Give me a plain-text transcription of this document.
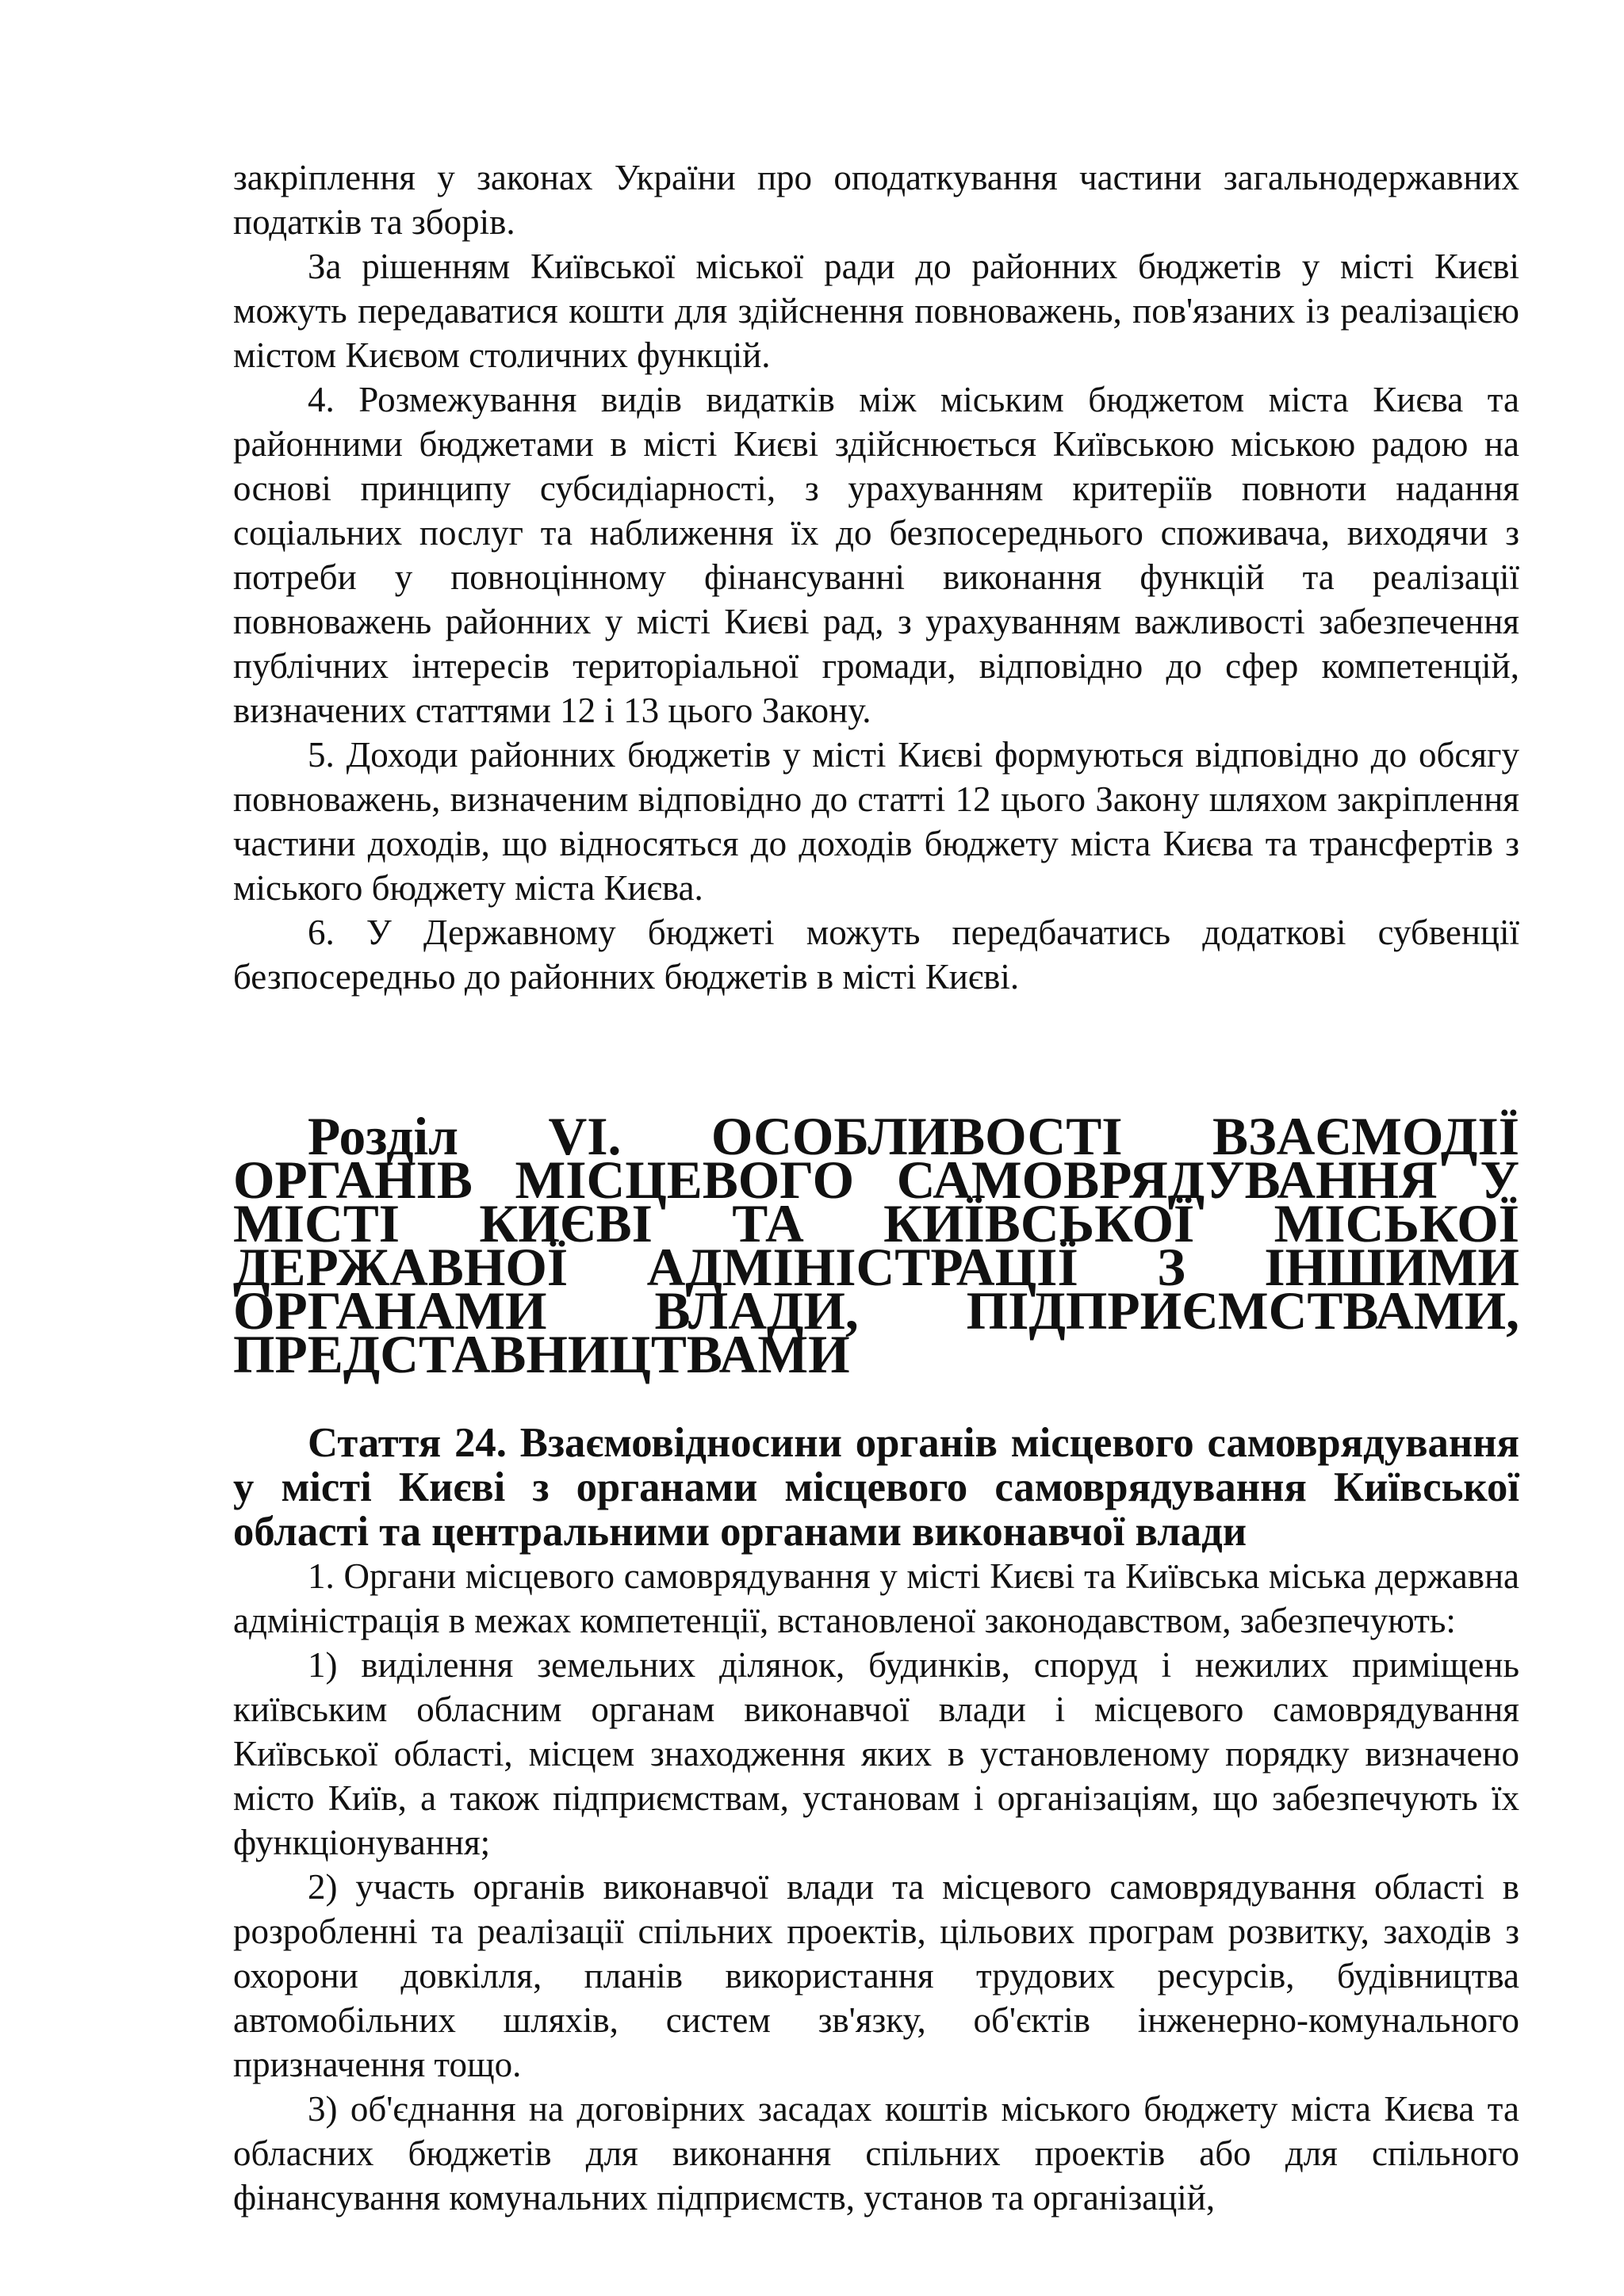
закріплення у законах України про оподаткування частини загальнодержавних податків та зборів.

За рішенням Київської міської ради до районних бюджетів у місті Києві можуть передаватися кошти для здійснення повноважень, пов'язаних із реалізацією містом Києвом столичних функцій.

4. Розмежування видів видатків між міським бюджетом міста Києва та районними бюджетами в місті Києві здійснюється Київською міською радою на основі принципу субсидіарності, з урахуванням критеріїв повноти надання соціальних послуг та наближення їх до безпосереднього споживача, виходячи з потреби у повноцінному фінансуванні виконання функцій та реалізації повноважень районних у місті Києві рад, з урахуванням важливості забезпечення публічних інтересів територіальної громади, відповідно до сфер компетенцій, визначених статтями 12 і 13 цього Закону.

5. Доходи районних бюджетів у місті Києві формуються відповідно до обсягу повноважень, визначеним відповідно до статті 12 цього Закону шляхом закріплення частини доходів, що відносяться до доходів бюджету міста Києва та трансфертів з міського бюджету міста Києва.

6. У Державному бюджеті можуть передбачатись додаткові субвенції безпосередньо до районних бюджетів в місті Києві.

Розділ VI. ОСОБЛИВОСТІ ВЗАЄМОДІЇ ОРГАНІВ МІСЦЕВОГО САМОВРЯДУВАННЯ У МІСТІ КИЄВІ ТА КИЇВСЬКОЇ МІСЬКОЇ ДЕРЖАВНОЇ АДМІНІСТРАЦІЇ З ІНШИМИ ОРГАНАМИ ВЛАДИ, ПІДПРИЄМСТВАМИ, ПРЕДСТАВНИЦТВАМИ
Стаття 24. Взаємовідносини органів місцевого самоврядування у місті Києві з органами місцевого самоврядування Київської області та центральними органами виконавчої влади

1. Органи місцевого самоврядування у місті Києві та Київська міська державна адміністрація в межах компетенції, встановленої законодавством, забезпечують:

1) виділення земельних ділянок, будинків, споруд і нежилих приміщень київським обласним органам виконавчої влади і місцевого самоврядування Київської області, місцем знаходження яких в установленому порядку визначено місто Київ, а також підприємствам, установам і організаціям, що забезпечують їх функціонування;

2) участь органів виконавчої влади та місцевого самоврядування області в розробленні та реалізації спільних проектів, цільових програм розвитку, заходів з охорони довкілля, планів використання трудових ресурсів, будівництва автомобільних шляхів, систем зв'язку, об'єктів інженерно-комунального призначення тощо.

3) об'єднання на договірних засадах коштів міського бюджету міста Києва та обласних бюджетів для виконання спільних проектів або для спільного фінансування комунальних підприємств, установ та організацій,
